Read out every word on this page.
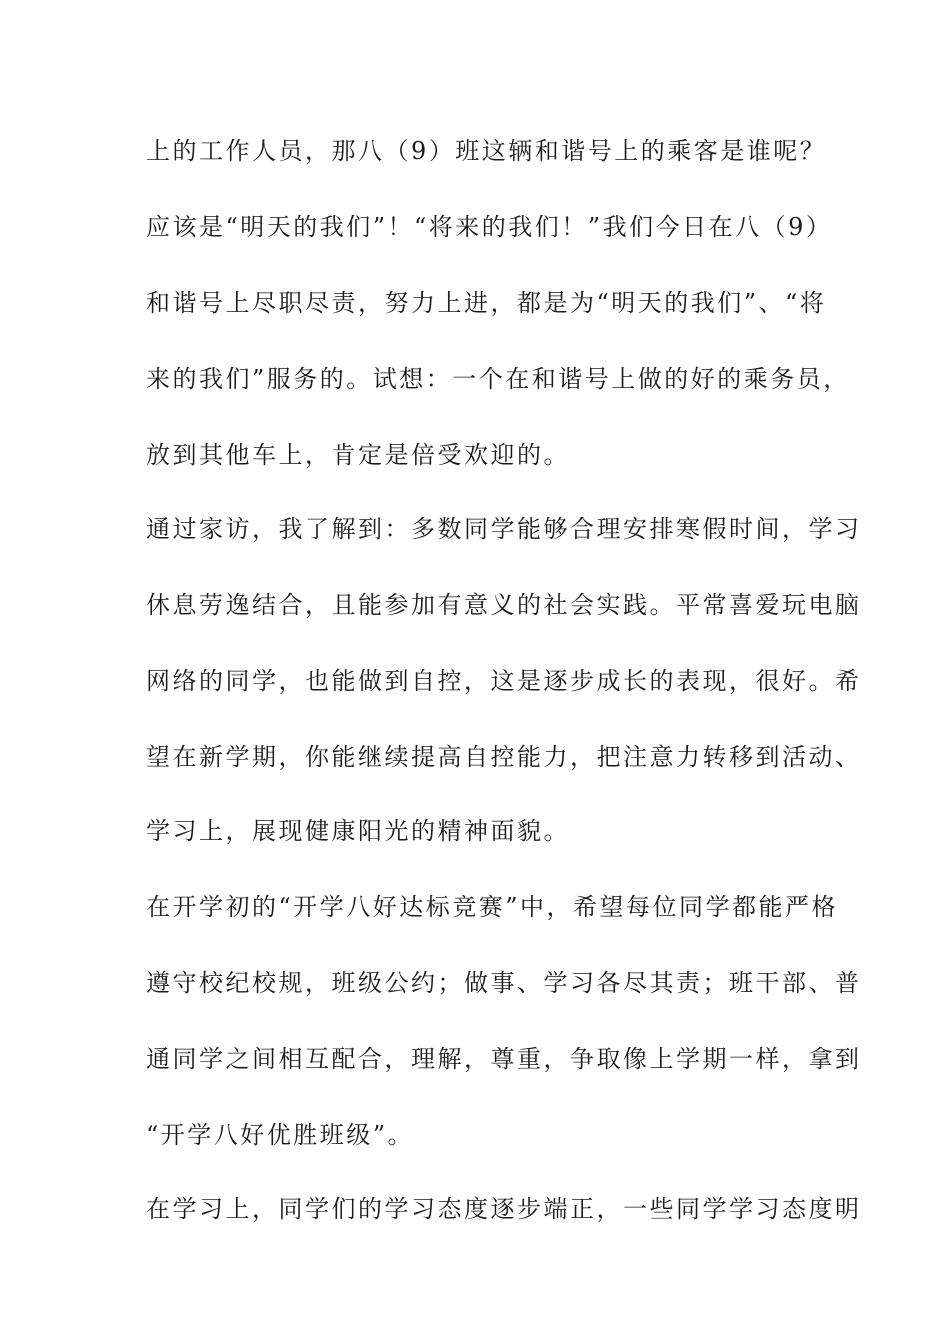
上的工作人员，那八（9）班这辆和谐号上的乘客是谁呢？
应该是“明天的我们”！“将来的我们！”我们今日在八（9）
和谐号上尽职尽责，努力上进，都是为“明天的我们”、“将
来的我们”服务的。试想：一个在和谐号上做的好的乘务员，
放到其他车上，肯定是倍受欢迎的。
通过家访，我了解到：多数同学能够合理安排寒假时间，学习
休息劳逸结合，且能参加有意义的社会实践。平常喜爱玩电脑
网络的同学，也能做到自控，这是逐步成长的表现，很好。希
望在新学期，你能继续提高自控能力，把注意力转移到活动、
学习上，展现健康阳光的精神面貌。
在开学初的“开学八好达标竞赛”中，希望每位同学都能严格
遵守校纪校规，班级公约；做事、学习各尽其责；班干部、普
通同学之间相互配合，理解，尊重，争取像上学期一样，拿到
“开学八好优胜班级”。
在学习上，同学们的学习态度逐步端正，一些同学学习态度明
